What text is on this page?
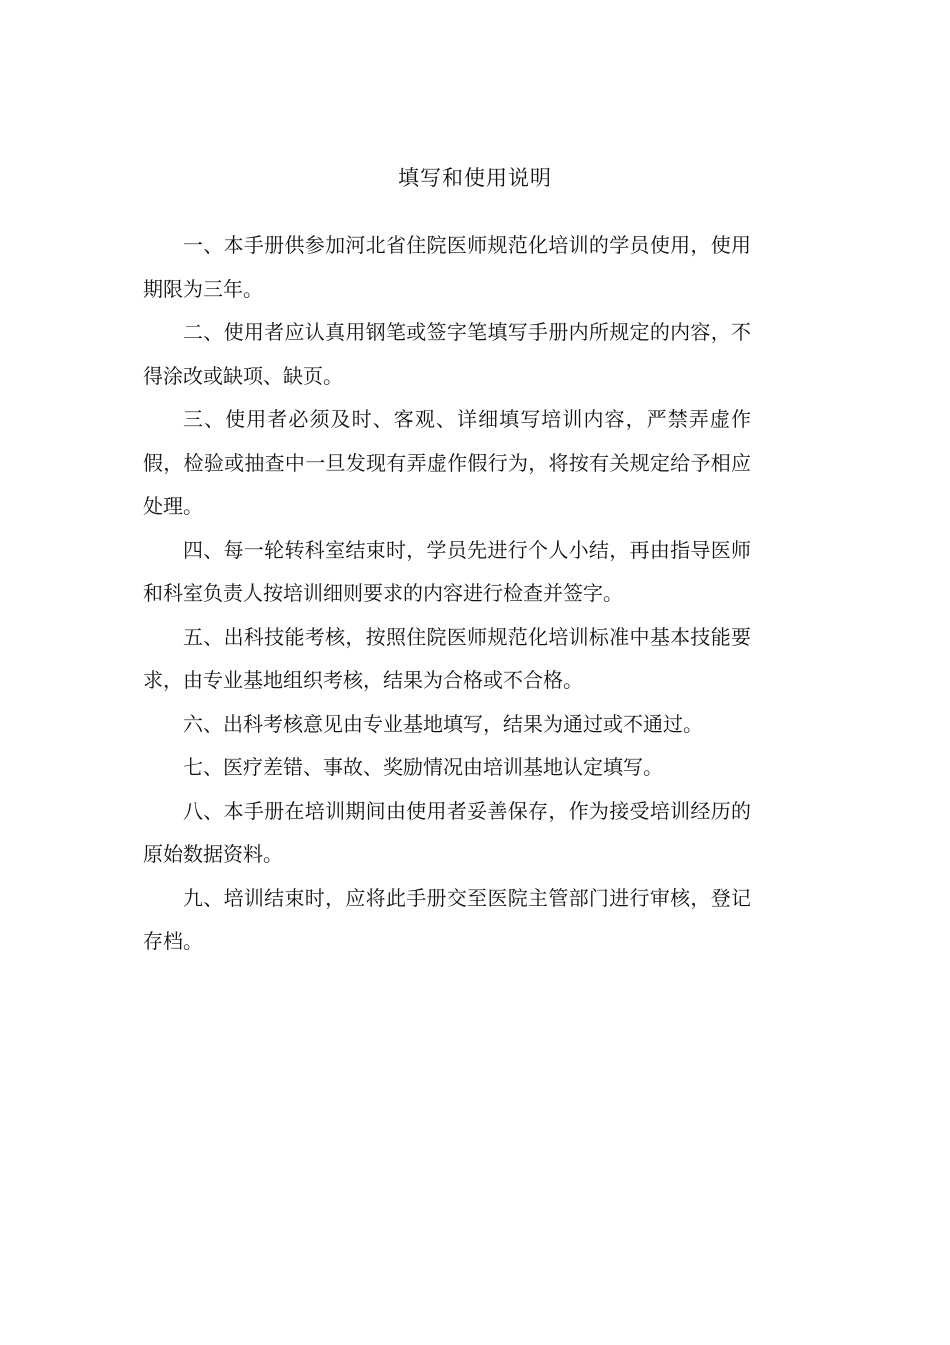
填写和使用说明

一、本手册供参加河北省住院医师规范化培训的学员使用，使用期限为三年。

二、使用者应认真用钢笔或签字笔填写手册内所规定的内容，不得涂改或缺项、缺页。

三、使用者必须及时、客观、详细填写培训内容，严禁弄虚作假，检验或抽查中一旦发现有弄虚作假行为，将按有关规定给予相应处理。

四、每一轮转科室结束时，学员先进行个人小结，再由指导医师和科室负责人按培训细则要求的内容进行检查并签字。

五、出科技能考核，按照住院医师规范化培训标准中基本技能要求，由专业基地组织考核，结果为合格或不合格。

六、出科考核意见由专业基地填写，结果为通过或不通过。

七、医疗差错、事故、奖励情况由培训基地认定填写。

八、本手册在培训期间由使用者妥善保存，作为接受培训经历的原始数据资料。

九、培训结束时，应将此手册交至医院主管部门进行审核，登记存档。
